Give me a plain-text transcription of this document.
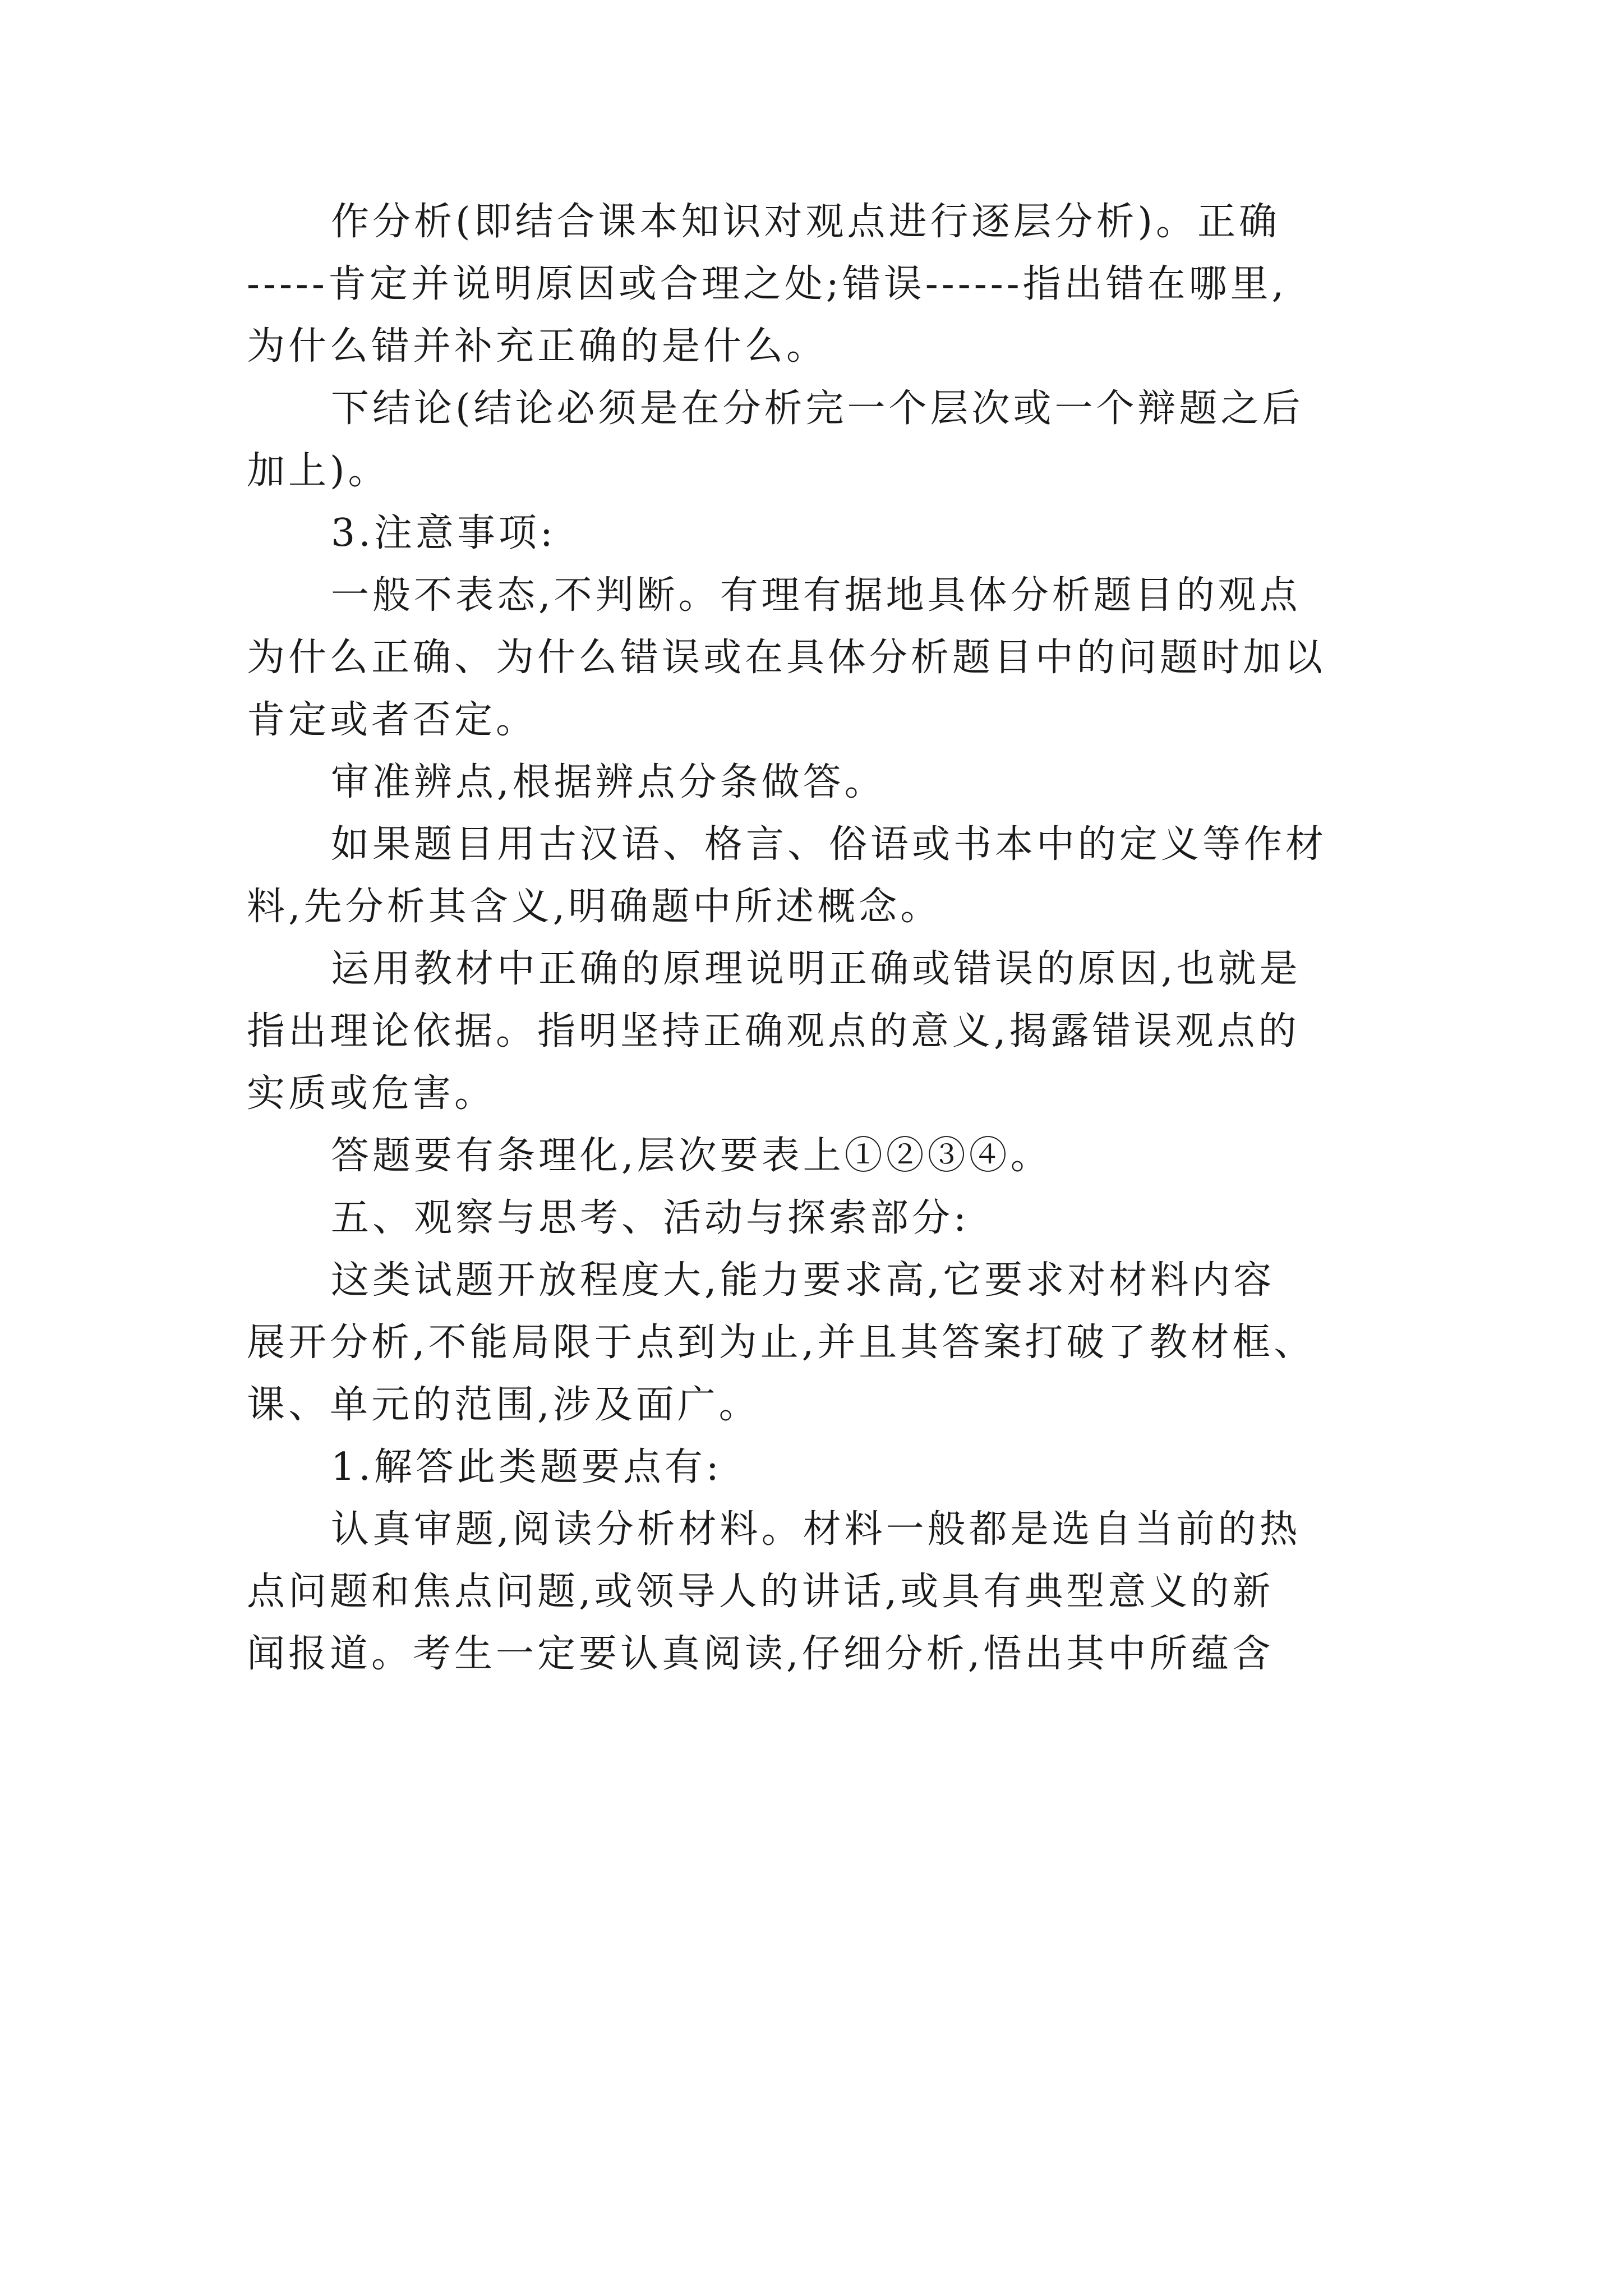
作分析(即结合课本知识对观点进行逐层分析)。正确
-----肯定并说明原因或合理之处;错误------指出错在哪里,
为什么错并补充正确的是什么。
下结论(结论必须是在分析完一个层次或一个辩题之后
加上)。
3.注意事项:
一般不表态,不判断。有理有据地具体分析题目的观点
为什么正确、为什么错误或在具体分析题目中的问题时加以
肯定或者否定。
审准辨点,根据辨点分条做答。
如果题目用古汉语、格言、俗语或书本中的定义等作材
料,先分析其含义,明确题中所述概念。
运用教材中正确的原理说明正确或错误的原因,也就是
指出理论依据。指明坚持正确观点的意义,揭露错误观点的
实质或危害。
答题要有条理化,层次要表上①②③④。
五、观察与思考、活动与探索部分:
这类试题开放程度大,能力要求高,它要求对材料内容
展开分析,不能局限于点到为止,并且其答案打破了教材框、
课、单元的范围,涉及面广。
1.解答此类题要点有:
认真审题,阅读分析材料。材料一般都是选自当前的热
点问题和焦点问题,或领导人的讲话,或具有典型意义的新
闻报道。考生一定要认真阅读,仔细分析,悟出其中所蕴含
